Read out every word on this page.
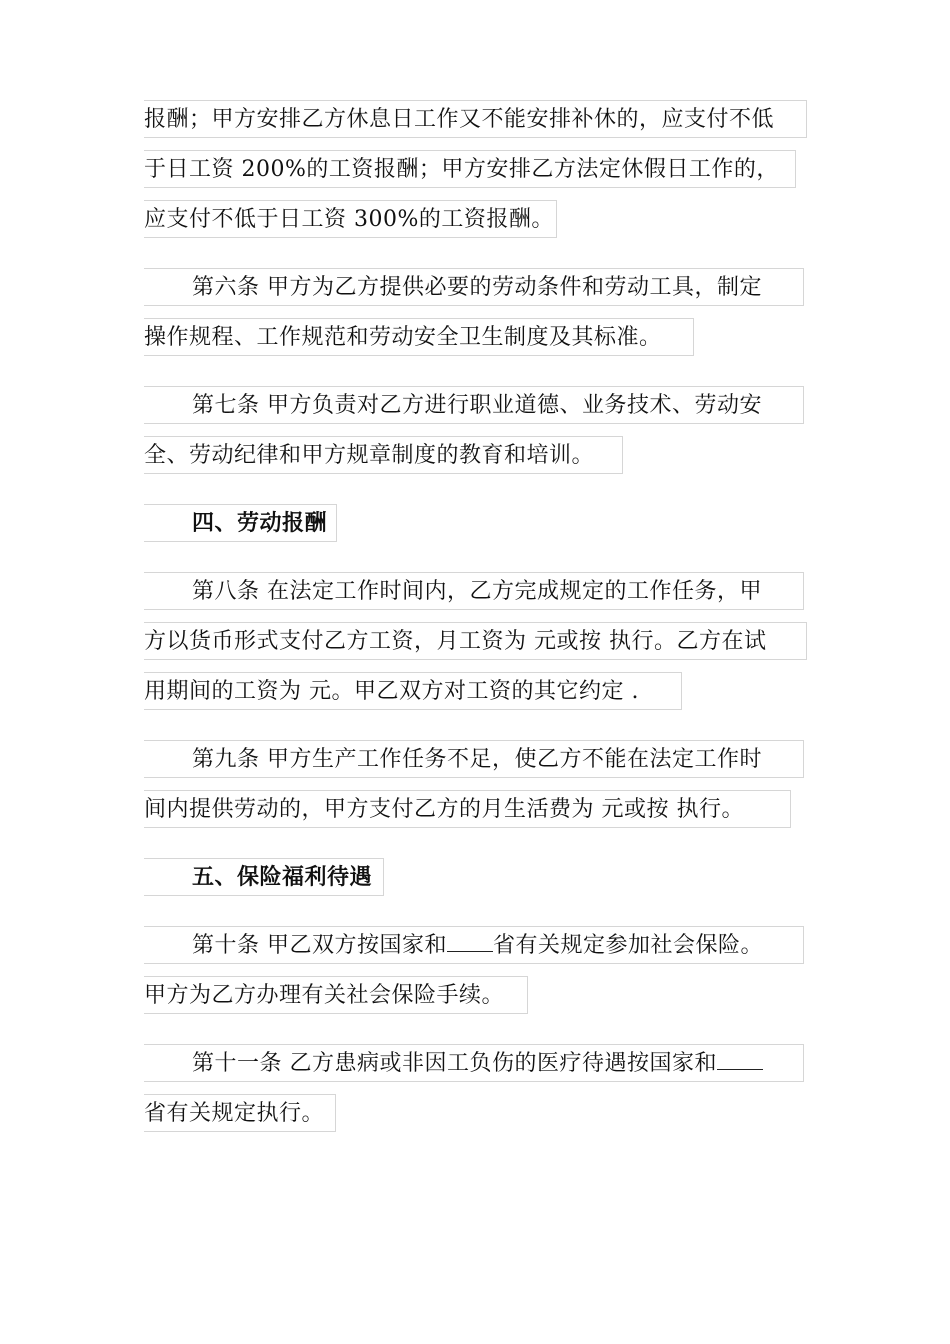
报酬；甲方安排乙方休息日工作又不能安排补休的，应支付不低
于日工资 200%的工资报酬；甲方安排乙方法定休假日工作的，
应支付不低于日工资 300%的工资报酬。
第六条 甲方为乙方提供必要的劳动条件和劳动工具，制定
操作规程、工作规范和劳动安全卫生制度及其标准。
第七条 甲方负责对乙方进行职业道德、业务技术、劳动安
全、劳动纪律和甲方规章制度的教育和培训。
四、劳动报酬
第八条 在法定工作时间内，乙方完成规定的工作任务，甲
方以货币形式支付乙方工资，月工资为 元或按 执行。乙方在试
用期间的工资为 元。甲乙双方对工资的其它约定 .
第九条 甲方生产工作任务不足，使乙方不能在法定工作时
间内提供劳动的，甲方支付乙方的月生活费为 元或按 执行。
五、保险福利待遇
第十条 甲乙双方按国家和 省有关规定参加社会保险。
甲方为乙方办理有关社会保险手续。
第十一条 乙方患病或非因工负伤的医疗待遇按国家和
省有关规定执行。
